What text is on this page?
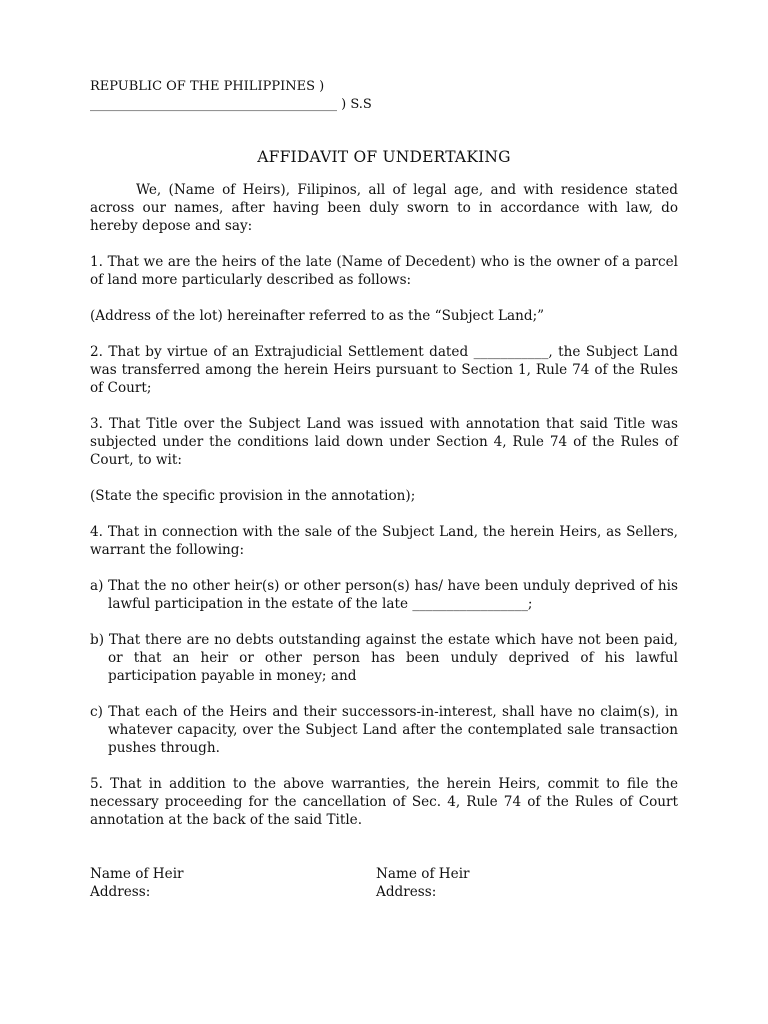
REPUBLIC OF THE PHILIPPINES )
______________________________________ ) S.S
AFFIDAVIT OF UNDERTAKING

We, (Name of Heirs), Filipinos, all of legal age, and with residence stated across our names, after having been duly sworn to in accordance with law, do hereby depose and say:

1. That we are the heirs of the late (Name of Decedent) who is the owner of a parcel of land more particularly described as follows:

(Address of the lot) hereinafter referred to as the “Subject Land;”

2. That by virtue of an Extrajudicial Settlement dated ___________, the Subject Land was transferred among the herein Heirs pursuant to Section 1, Rule 74 of the Rules of Court;

3. That Title over the Subject Land was issued with annotation that said Title was subjected under the conditions laid down under Section 4, Rule 74 of the Rules of Court, to wit:

(State the specific provision in the annotation);

4. That in connection with the sale of the Subject Land, the herein Heirs, as Sellers, warrant the following:

a) That the no other heir(s) or other person(s) has/ have been unduly deprived of his lawful participation in the estate of the late _________________;

b) That there are no debts outstanding against the estate which have not been paid, or that an heir or other person has been unduly deprived of his lawful participation payable in money; and

c) That each of the Heirs and their successors-in-interest, shall have no claim(s), in whatever capacity, over the Subject Land after the contemplated sale transaction pushes through.

5. That in addition to the above warranties, the herein Heirs, commit to file the necessary proceeding for the cancellation of Sec. 4, Rule 74 of the Rules of Court annotation at the back of the said Title.

Name of Heir
Address:
Name of Heir
Address:
